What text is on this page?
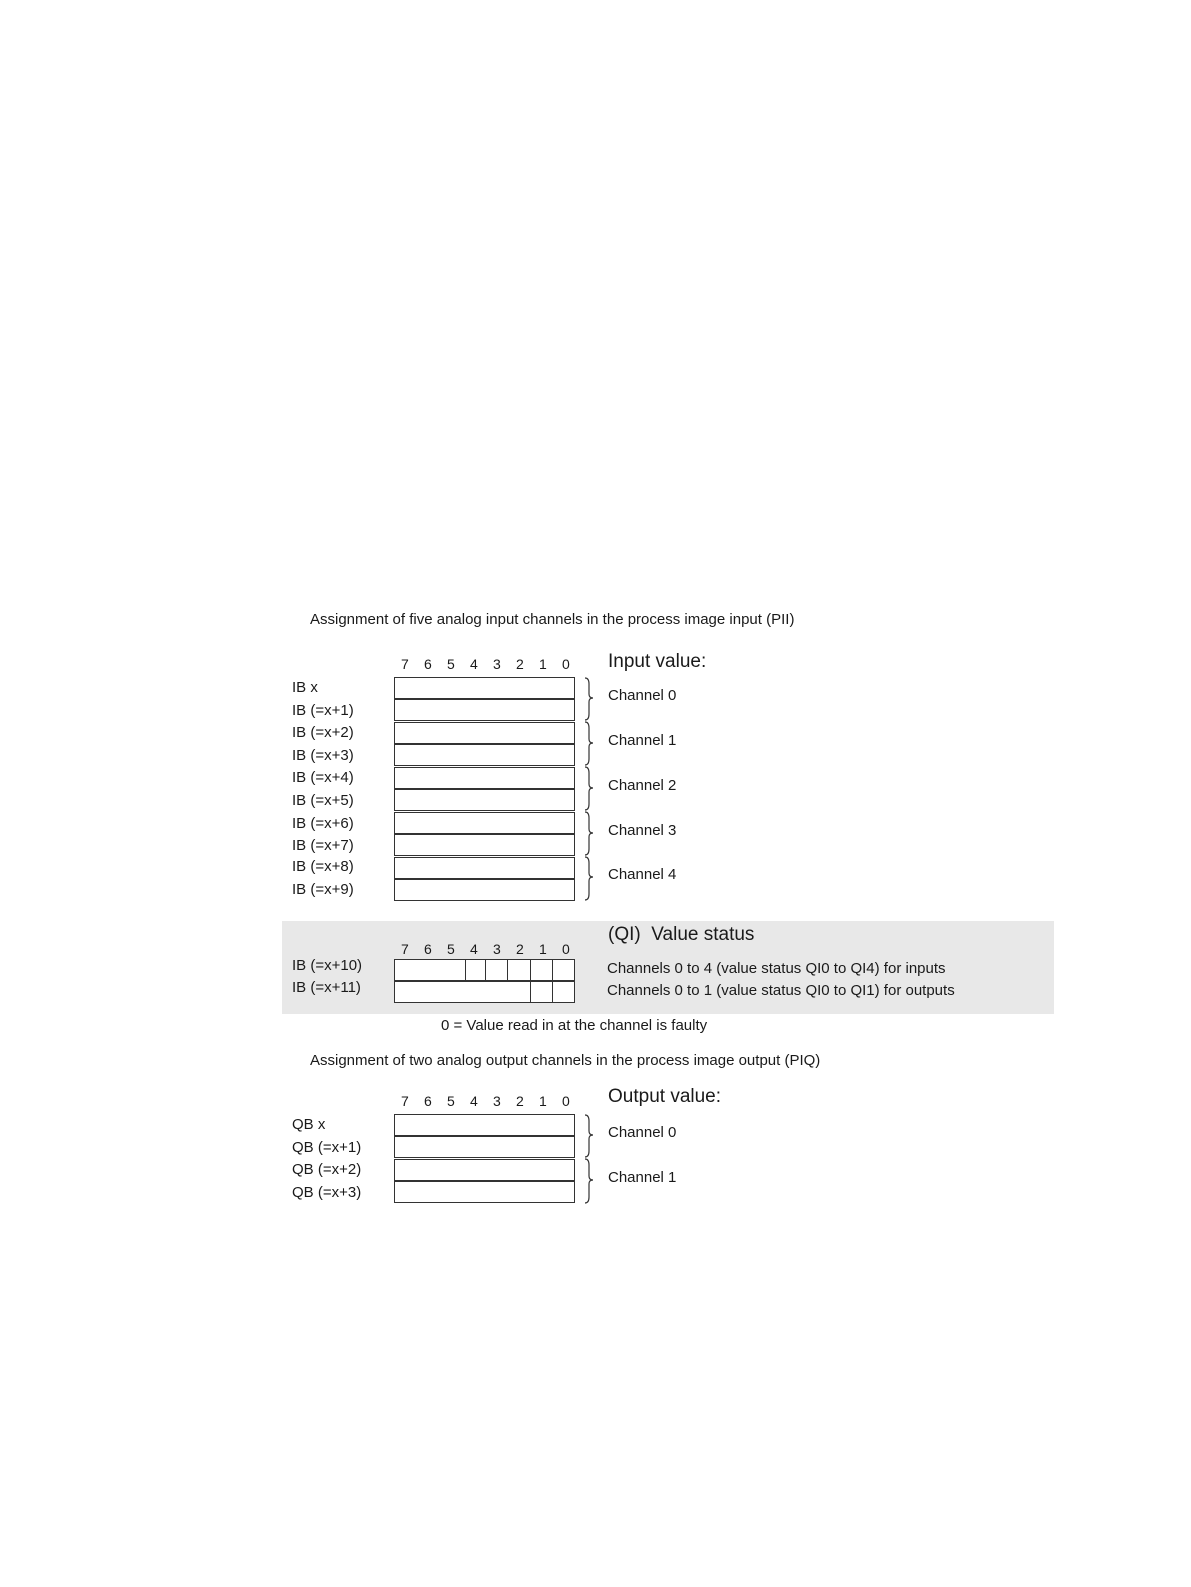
Assignment of five analog input channels in the process image input (PII)
7 6 5 4 3 2 1 0	Input value:
IB x
IB (=x+1)
IB (=x+2)
IB (=x+3)
IB (=x+4)
IB (=x+5)
IB (=x+6)
IB (=x+7)
IB (=x+8)
IB (=x+9)
Channel 0
Channel 1
Channel 2
Channel 3
Channel 4
(QI) Value status
7 6 5 4 3 2 1 0
IB (=x+10)
IB (=x+11)
Channels 0 to 4 (value status QI0 to QI4) for inputs
Channels 0 to 1 (value status QI0 to QI1) for outputs
0 = Value read in at the channel is faulty
Assignment of two analog output channels in the process image output (PIQ)
7 6 5 4 3 2 1 0	Output value:
QB x
QB (=x+1)
QB (=x+2)
QB (=x+3)
Channel 0
Channel 1
